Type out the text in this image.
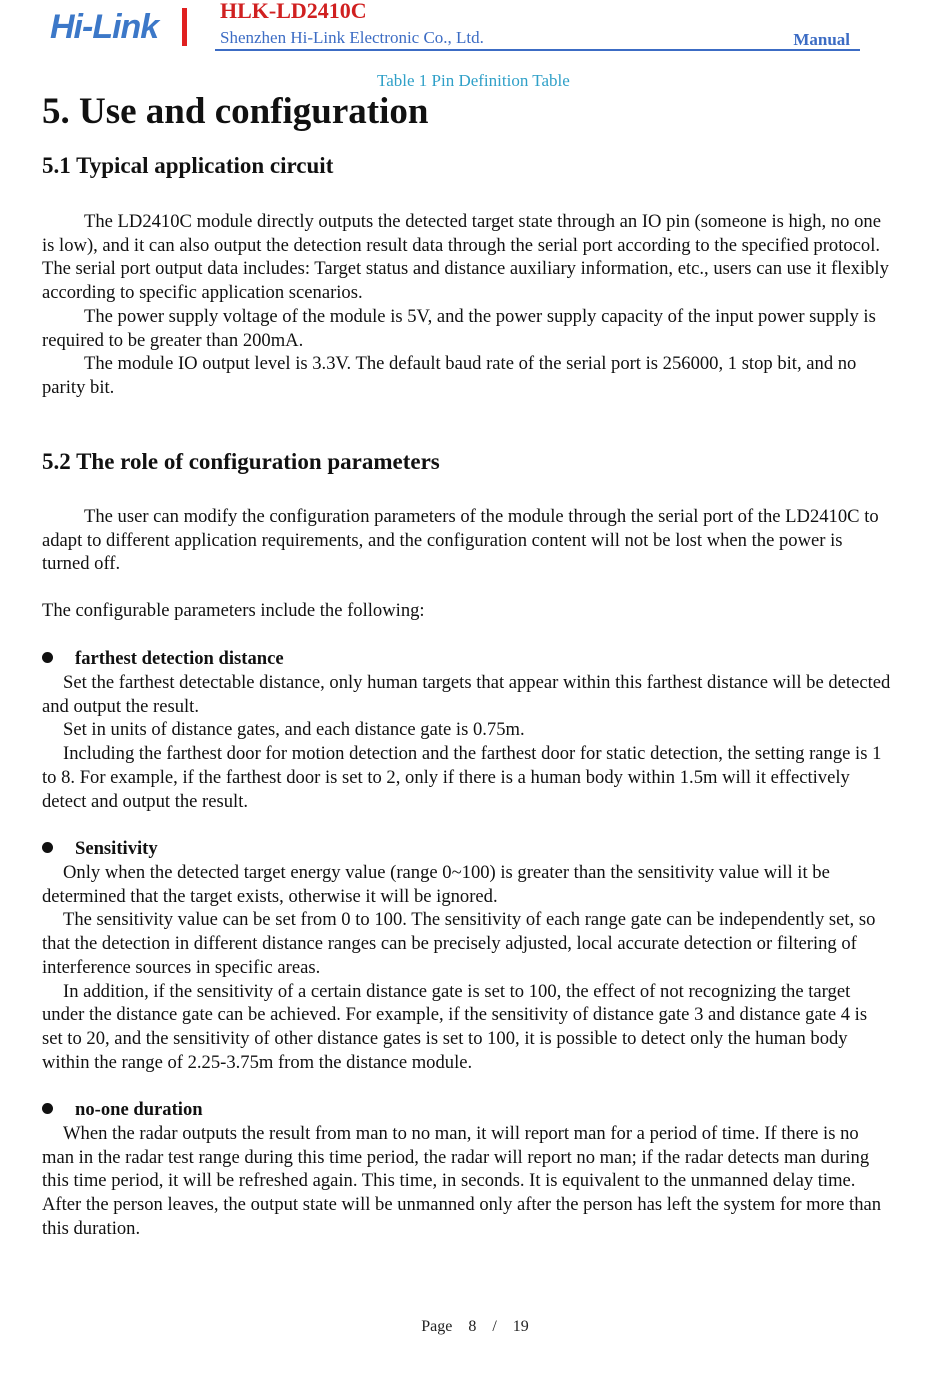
Hi-Link	HLK-LD2410C
Shenzhen Hi-Link Electronic Co., Ltd.	Manual
Table 1 Pin Definition Table
5. Use and configuration
5.1 Typical application circuit

The LD2410C module directly outputs the detected target state through an IO pin (someone is high, no one is low), and it can also output the detection result data through the serial port according to the specified protocol. The serial port output data includes: Target status and distance auxiliary information, etc., users can use it flexibly according to specific application scenarios.

The power supply voltage of the module is 5V, and the power supply capacity of the input power supply is required to be greater than 200mA.

The module IO output level is 3.3V. The default baud rate of the serial port is 256000, 1 stop bit, and no parity bit.

5.2 The role of configuration parameters

The user can modify the configuration parameters of the module through the serial port of the LD2410C to adapt to different application requirements, and the configuration content will not be lost when the power is turned off.

The configurable parameters include the following:

farthest detection distance

Set the farthest detectable distance, only human targets that appear within this farthest distance will be detected and output the result.

Set in units of distance gates, and each distance gate is 0.75m.

Including the farthest door for motion detection and the farthest door for static detection, the setting range is 1 to 8. For example, if the farthest door is set to 2, only if there is a human body within 1.5m will it effectively detect and output the result.

Sensitivity

Only when the detected target energy value (range 0~100) is greater than the sensitivity value will it be determined that the target exists, otherwise it will be ignored.

The sensitivity value can be set from 0 to 100. The sensitivity of each range gate can be independently set, so that the detection in different distance ranges can be precisely adjusted, local accurate detection or filtering of interference sources in specific areas.

In addition, if the sensitivity of a certain distance gate is set to 100, the effect of not recognizing the target under the distance gate can be achieved. For example, if the sensitivity of distance gate 3 and distance gate 4 is set to 20, and the sensitivity of other distance gates is set to 100, it is possible to detect only the human body within the range of 2.25-3.75m from the distance module.

no-one duration

When the radar outputs the result from man to no man, it will report man for a period of time. If there is no man in the radar test range during this time period, the radar will report no man; if the radar detects man during this time period, it will be refreshed again. This time, in seconds. It is equivalent to the unmanned delay time. After the person leaves, the output state will be unmanned only after the person has left the system for more than this duration.

Page 8 / 19
